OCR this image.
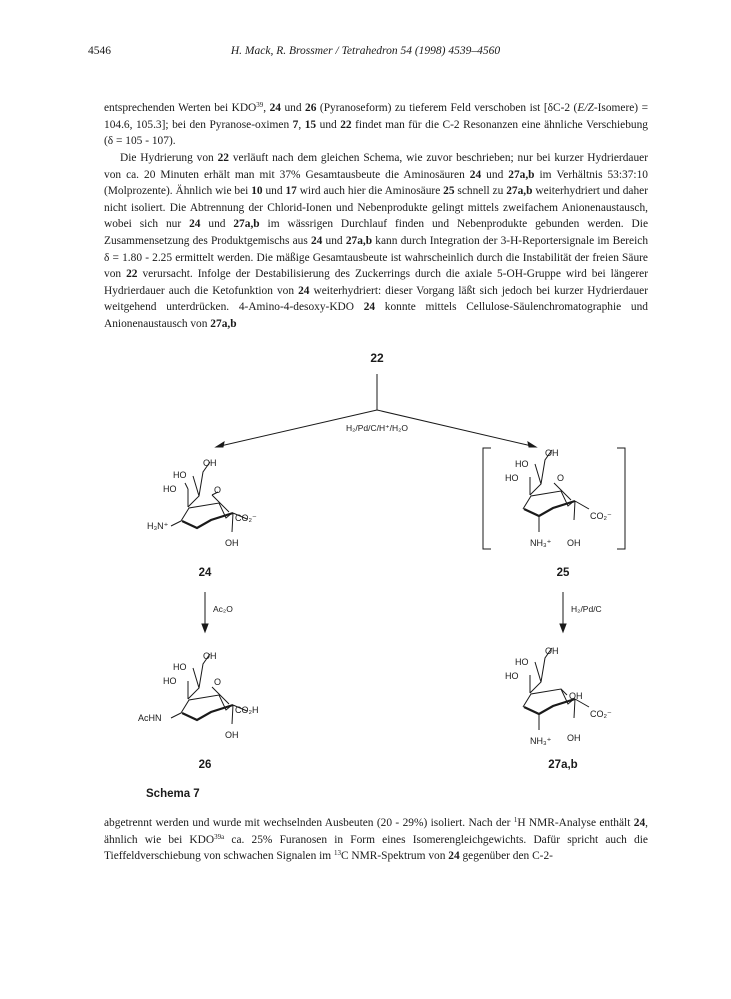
4546	H. Mack, R. Brossmer / Tetrahedron 54 (1998) 4539–4560

entsprechenden Werten bei KDO$^{39}$, 24 und 26 (Pyranoseform) zu tieferem Feld verschoben ist [δC-2 (E/Z-Isomere) = 104.6, 105.3]; bei den Pyranose-oximen 7, 15 und 22 findet man für die C-2 Resonanzen eine ähnliche Verschiebung (δ = 105 - 107).

Die Hydrierung von 22 verläuft nach dem gleichen Schema, wie zuvor beschrieben; nur bei kurzer Hydrierdauer von ca. 20 Minuten erhält man mit 37% Gesamtausbeute die Aminosäuren 24 und 27a,b im Verhältnis 53:37:10 (Molprozente). Ähnlich wie bei 10 und 17 wird auch hier die Aminosäure 25 schnell zu 27a,b weiterhydriert und daher nicht isoliert. Die Abtrennung der Chlorid-Ionen und Nebenprodukte gelingt mittels zweifachem Anionenaustausch, wobei sich nur 24 und 27a,b im wässrigen Durchlauf finden und Nebenprodukte gebunden werden. Die Zusammensetzung des Produktgemischs aus 24 und 27a,b kann durch Integration der 3-H-Reportersignale im Bereich δ = 1.80 - 2.25 ermittelt werden. Die mäßige Gesamtausbeute ist wahrscheinlich durch die Instabilität der freien Säure von 22 verursacht. Infolge der Destabilisierung des Zuckerrings durch die axiale 5-OH-Gruppe wird bei längerer Hydrierdauer auch die Ketofunktion von 24 weiterhydriert: dieser Vorgang läßt sich jedoch bei kurzer Hydrierdauer weitgehend unterdrücken. 4-Amino-4-desoxy-KDO 24 konnte mittels Cellulose-Säulenchromatographie und Anionenaustausch von 27a,b

22
H₂/Pd/C/H⁺/H₂O
Ac₂O	H₂/Pd/C
OH
HO
HO	O
H₃N⁺
CO₂⁻
OH
24
OH
HO
HO	O
NH₃⁺
CO₂⁻
OH
25
OH
HO
HO	O
AcHN
CO₂H
OH
26
OH
HO
HO
OH
NH₃⁺
CO₂⁻
OH
27a,b
Schema 7

abgetrennt werden und wurde mit wechselnden Ausbeuten (20 - 29%) isoliert. Nach der $^1$H NMR-Analyse enthält 24, ähnlich wie bei $KDO^{39a}$ ca. 25% Furanosen in Form eines Isomerengleichgewichts. Dafür spricht auch die Tieffeldverschiebung von schwachen Signalen im $^{13}$C NMR-Spektrum von 24 gegenüber den C-2-
